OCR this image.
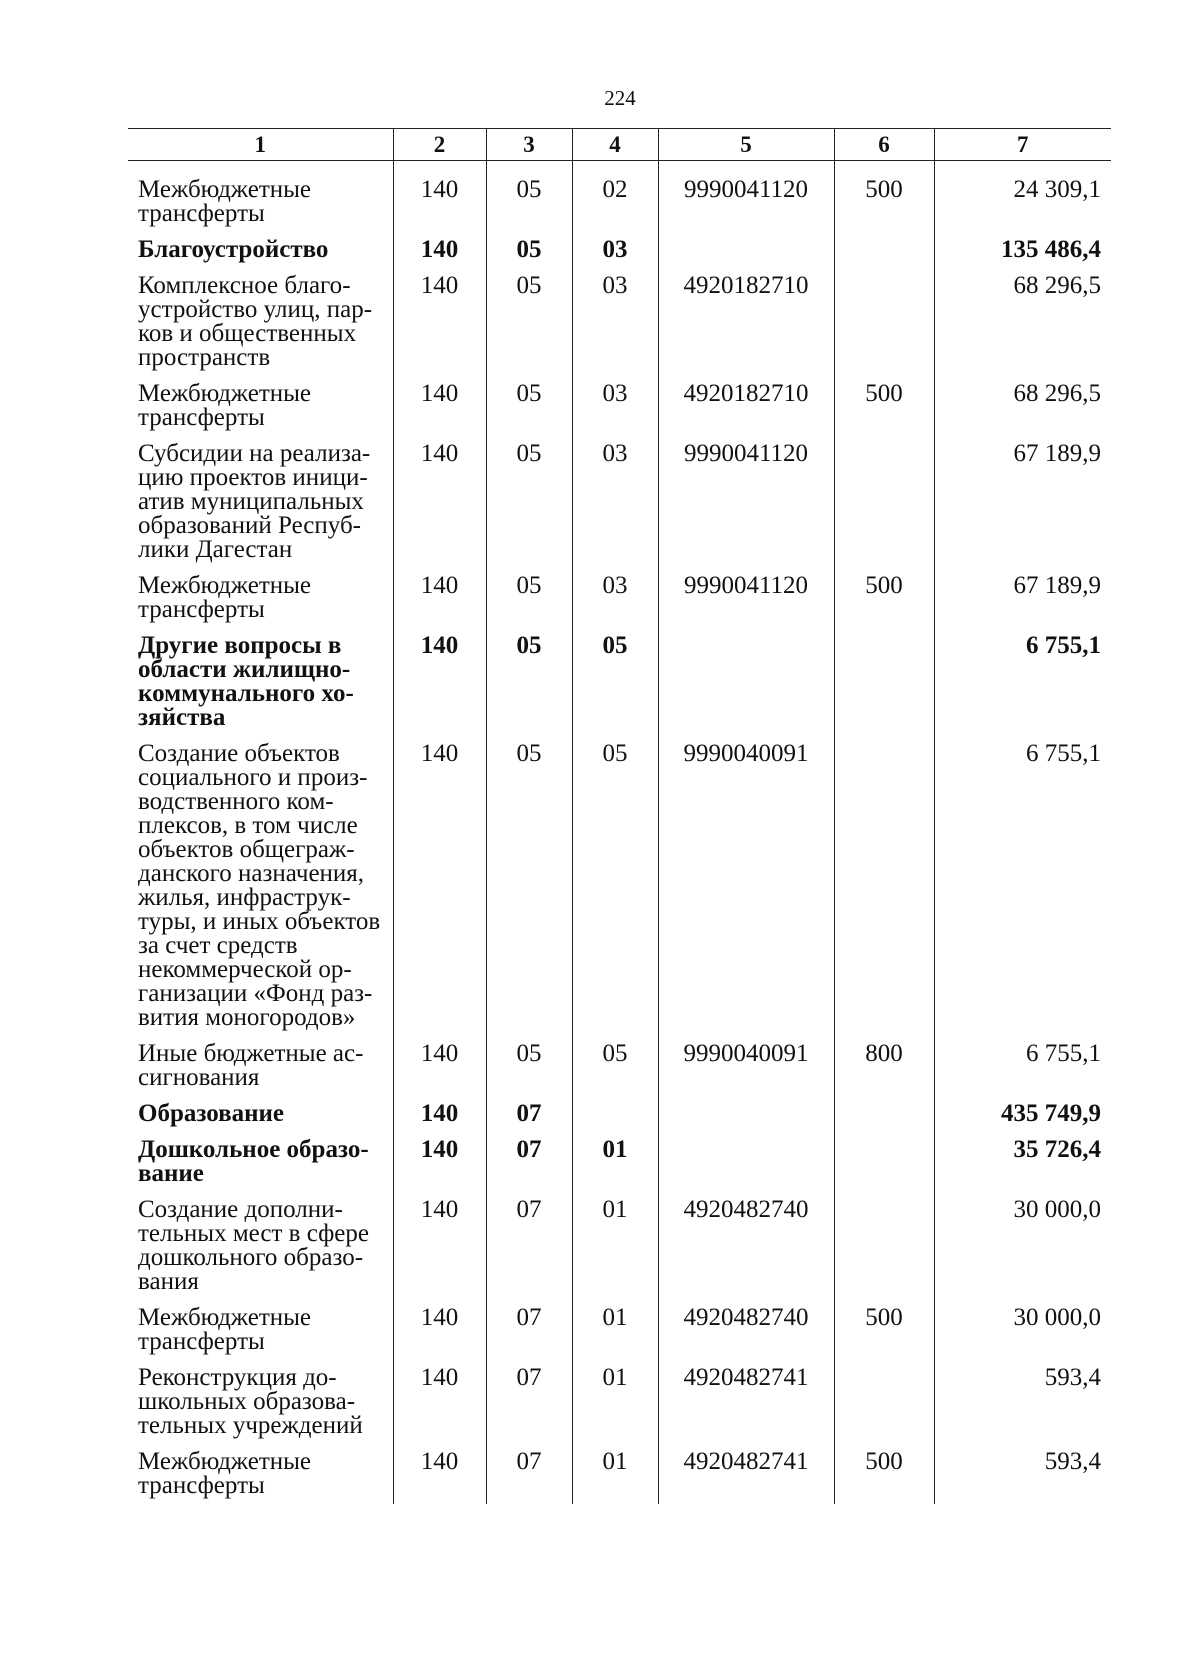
224
1	2	3	4	5	6	7
Межбюджетные трансферты	140	05	02	9990041120	500	24 309,1
Благоустройство	140	05	03			135 486,4
Комплексное благоустройство улиц, парков и общественных пространств	140	05	03	4920182710		68 296,5
Межбюджетные трансферты	140	05	03	4920182710	500	68 296,5
Субсидии на реализацию проектов инициатив муниципальных образований Республики Дагестан	140	05	03	9990041120		67 189,9
Межбюджетные трансферты	140	05	03	9990041120	500	67 189,9
Другие вопросы в области жилищно-коммунального хозяйства	140	05	05			6 755,1
Создание объектов социального и производственного комплексов, в том числе объектов общегражданского назначения, жилья, инфраструктуры, и иных объектов за счет средств некоммерческой организации «Фонд развития моногородов»	140	05	05	9990040091		6 755,1
Иные бюджетные ассигнования	140	05	05	9990040091	800	6 755,1
Образование	140	07				435 749,9
Дошкольное образование	140	07	01			35 726,4
Создание дополнительных мест в сфере дошкольного образования	140	07	01	4920482740		30 000,0
Межбюджетные трансферты	140	07	01	4920482740	500	30 000,0
Реконструкция дошкольных образовательных учреждений	140	07	01	4920482741		593,4
Межбюджетные трансферты	140	07	01	4920482741	500	593,4
